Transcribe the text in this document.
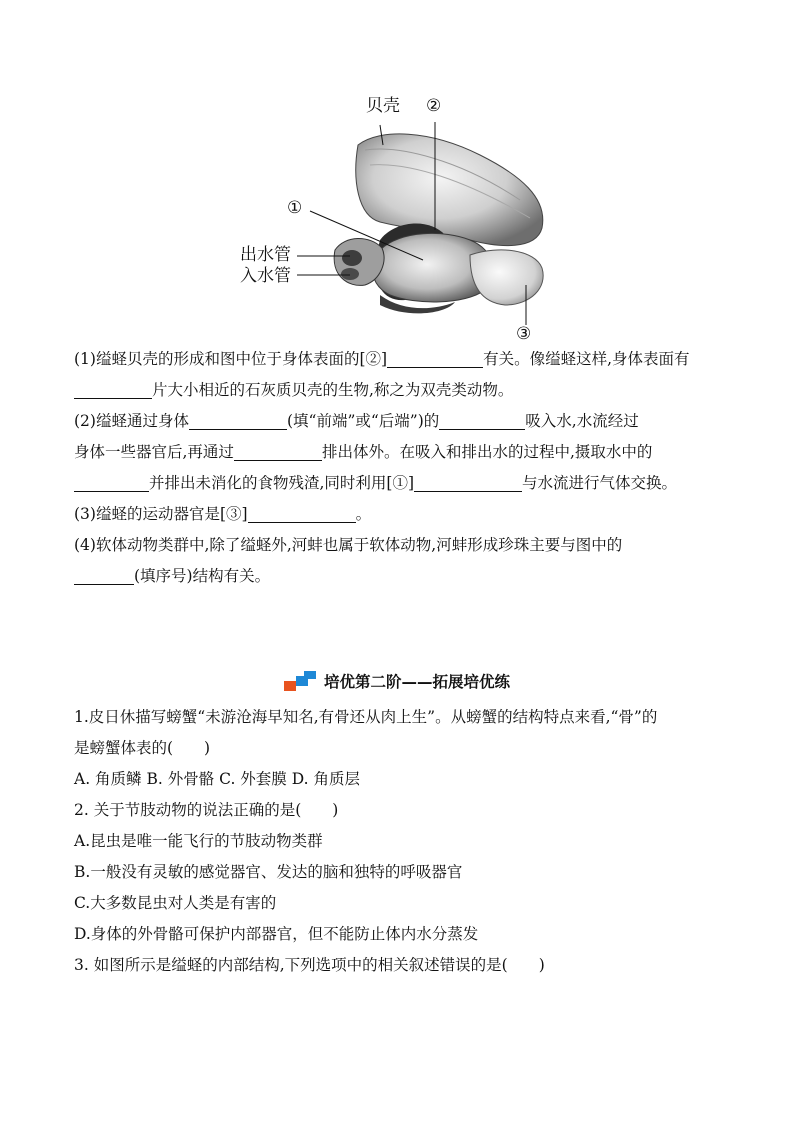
贝壳 ②
①
出水管
入水管
③
(1)缢蛏贝壳的形成和图中位于身体表面的[②]	有关。像缢蛏这样,身体表面有
片大小相近的石灰质贝壳的生物,称之为双壳类动物。
(2)缢蛏通过身体	(填“前端”或“后端”)的	吸入水,水流经过
身体一些器官后,再通过	排出体外。在吸入和排出水的过程中,摄取水中的
并排出未消化的食物残渣,同时利用[①]	与水流进行气体交换。
(3)缢蛏的运动器官是[③]	。
(4)软体动物类群中,除了缢蛏外,河蚌也属于软体动物,河蚌形成珍珠主要与图中的
(填序号)结构有关。
培优第二阶——拓展培优练
1.皮日休描写螃蟹“未游沧海早知名,有骨还从肉上生”。从螃蟹的结构特点来看,“骨”的
是螃蟹体表的(　　)
A. 角质鳞 B. 外骨骼 C. 外套膜 D. 角质层
2. 关于节肢动物的说法正确的是(　　)
A.昆虫是唯一能飞行的节肢动物类群
B.一般没有灵敏的感觉器官、发达的脑和独特的呼吸器官
C.大多数昆虫对人类是有害的
D.身体的外骨骼可保护内部器官，但不能防止体内水分蒸发
3. 如图所示是缢蛏的内部结构,下列选项中的相关叙述错误的是(　　)
